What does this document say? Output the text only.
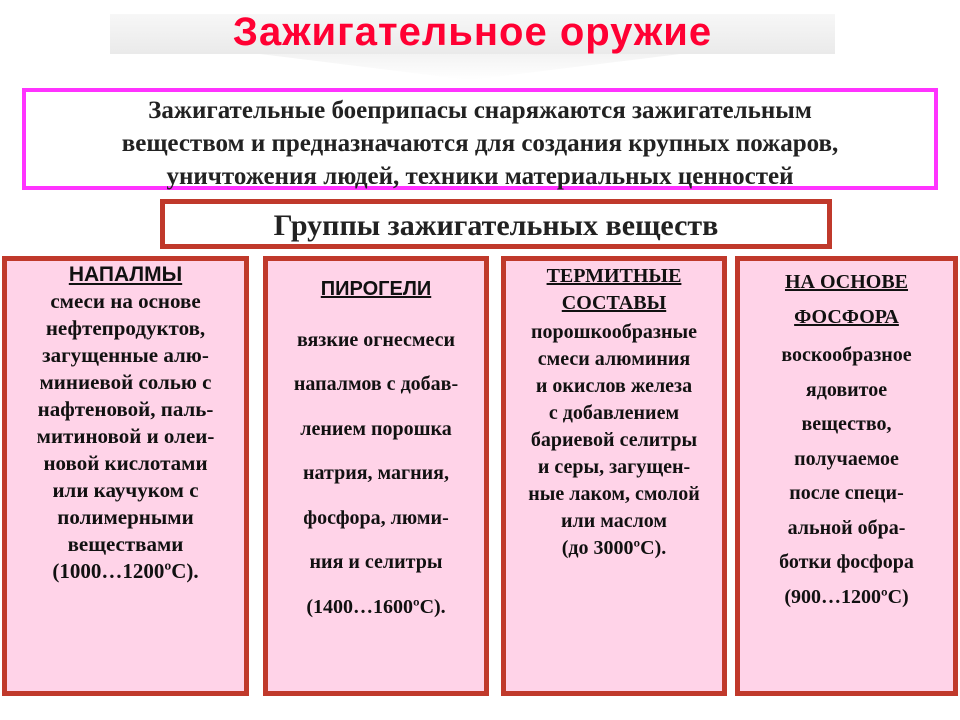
Зажигательное оружие
Зажигательные боеприпасы снаряжаются зажигательным
веществом и предназначаются для создания крупных пожаров,
уничтожения людей, техники материальных ценностей
Группы зажигательных веществ
НАПАЛМЫ
смеси на основе
нефтепродуктов,
загущенные алю-
миниевой солью с
нафтеновой, паль-
митиновой и олеи-
новой кислотами
или каучуком с
полимерными
веществами
(1000…1200ºС).
ПИРОГЕЛИ
вязкие огнесмеси
напалмов с добав-
лением порошка
натрия, магния,
фосфора, люми-
ния и селитры
(1400…1600ºС).
ТЕРМИТНЫЕ
СОСТАВЫ
порошкообразные
смеси алюминия
и окислов железа
с добавлением
бариевой селитры
и серы, загущен-
ные лаком, смолой
или маслом
(до 3000ºС).
НА ОСНОВЕ
ФОСФОРА
воскообразное
ядовитое
вещество,
получаемое
после специ-
альной обра-
ботки фосфора
(900…1200ºС)
